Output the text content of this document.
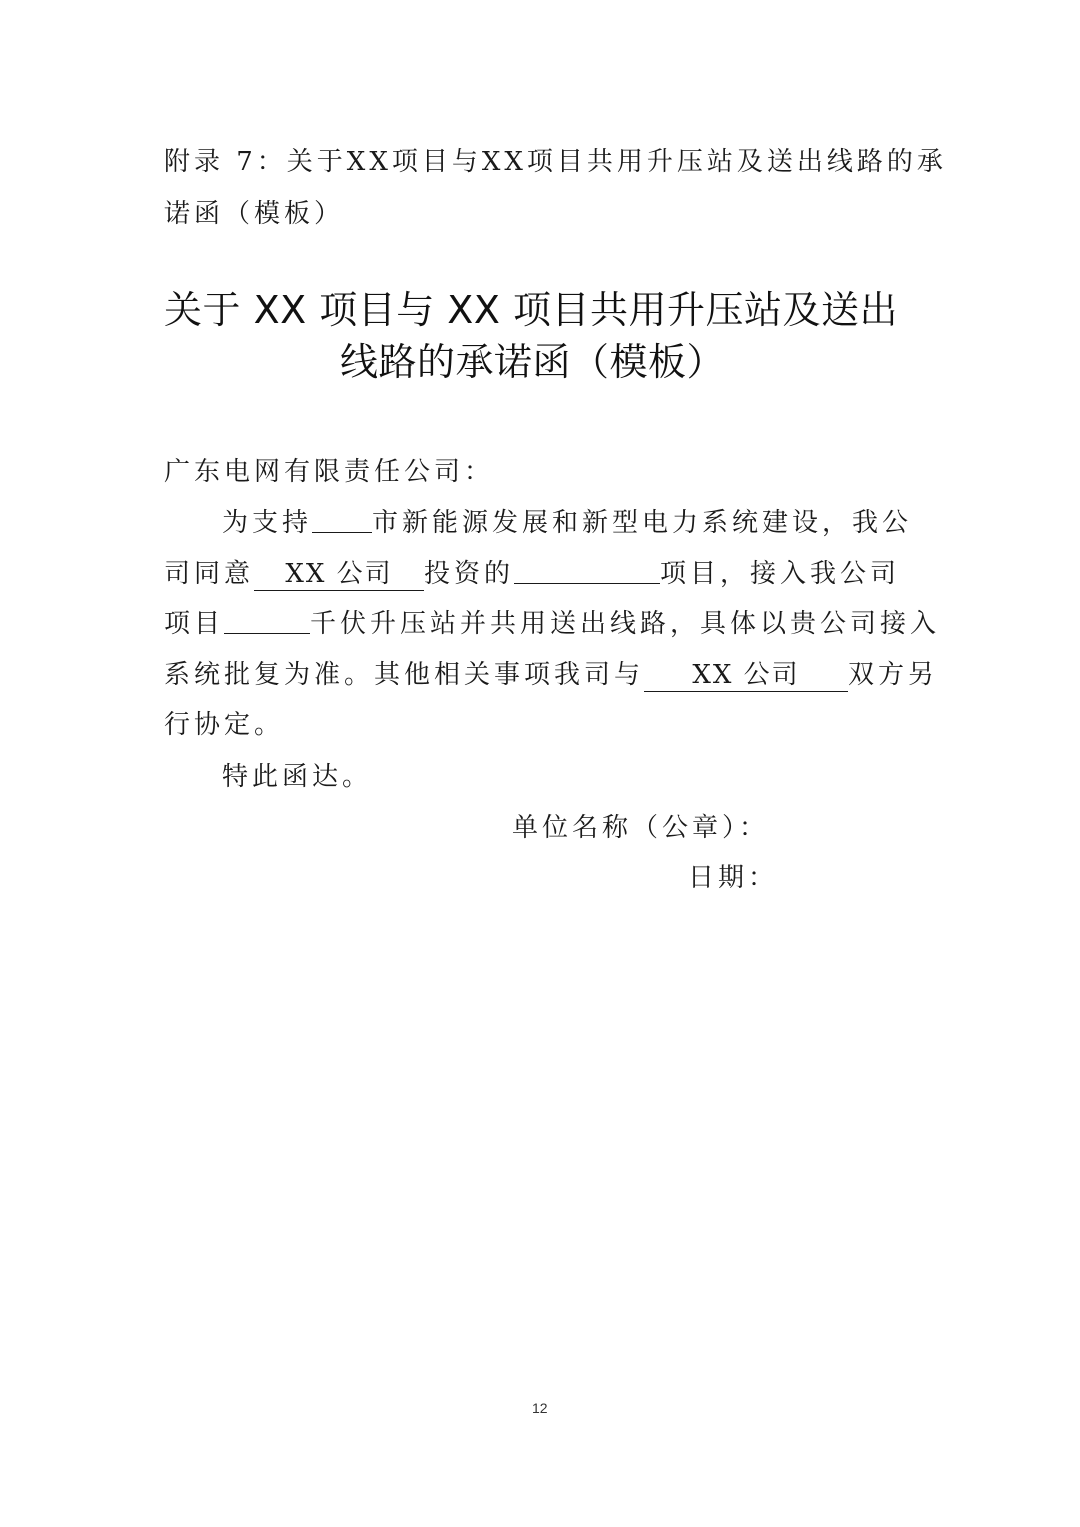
附录 7：关于XX项目与XX项目共用升压站及送出线路的承
诺函（模板）
关于 XX 项目与 XX 项目共用升压站及送出
线路的承诺函（模板）
广东电网有限责任公司：
为支持 市新能源发展和新型电力系统建设，我公
司同意 XX 公司 投资的	项目，接入我公司
项目	千伏升压站并共用送出线路，具体以贵公司接入
系统批复为准。其他相关事项我司与 XX 公司 双方另
行协定。
特此函达。
单位名称（公章）：
日期：
12
